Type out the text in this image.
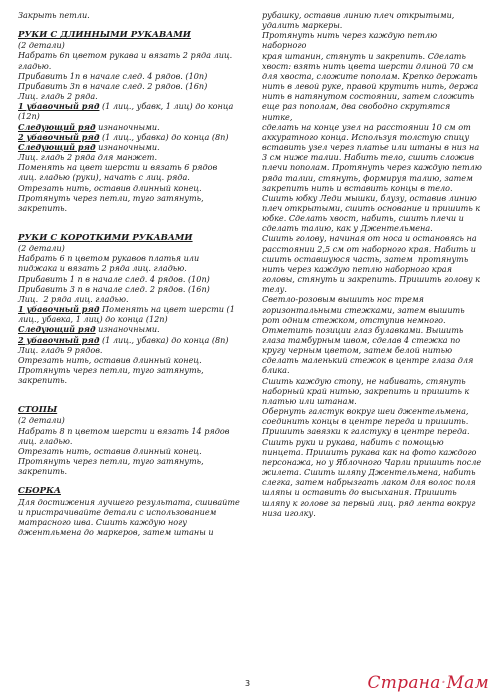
Закрыть петли.

РУКИ С ДЛИННЫМИ РУКАВАМИ

(2 детали)

Набрать 6п цветом рукава и вязать 2 ряда лиц.

гладью.

Прибавить 1п в начале след. 4 рядов. (10п)

Прибавить 3п в начале след. 2 рядов. (16п)

Лиц. гладь 2 ряда.

1 убавочный ряд (1 лиц., убавк, 1 лиц) до конца

(12п)

Следующий ряд изнаночными.

2 убавочный ряд (1 лиц., убавка) до конца (8п)

Следующий ряд изнаночными.

Лиц. гладь 2 ряда для манжет.

Поменять на цвет шерсти и вязать 6 рядов

лиц. гладью (руки), начать с лиц. ряда.

Отрезать нить, оставив длинный конец.

Протянуть через петли, туго затянуть,

закрепить.

РУКИ С КОРОТКИМИ РУКАВАМИ

(2 детали)

Набрать 6 п цветом рукавов платья или

пиджака и вязать 2 ряда лиц. гладью.

Прибавить 1 п в начале след. 4 рядов. (10п)

Прибавить 3 п в начале след. 2 рядов. (16п)

Лиц.  2 ряда лиц. гладью.

1 убавочный ряд Поменять на цвет шерсти (1

лиц., убавка, 1 лиц) до конца (12п)

Следующий ряд изнаночными.

2 убавочный ряд (1 лиц., убавка) до конца (8п)

Лиц. гладь 9 рядов.

Отрезать нить, оставив длинный конец.

Протянуть через петли, туго затянуть,

закрепить.

СТОПЫ

(2 детали)

Набрать 8 п цветом шерсти и вязать 14 рядов

лиц. гладью.

Отрезать нить, оставив длинный конец.

Протянуть через петли, туго затянуть,

закрепить.

СБОРКА

Для достижения лучшего результата, сшивайте

и пристрачивайте детали с использованием

матрасного шва. Сшить каждую ногу

джентльмена до маркеров, затем штаны и

рубашку, оставив линию плеч открытыми,

удалить маркеры.

Протянуть нить через каждую петлю наборного

края штанин, стянуть и закрепить. Сделать

хвост: взять нить цвета шерсти длиной 70 см

для хвоста, сложите пополам. Крепко держать

нить в левой руке, правой крутить нить, держа

нить в натянутом состоянии, затем сложить

еще раз пополам, два свободно скрутятся нитке,

сделать на конце узел на расстоянии 10 см от

аккуратного конца. Используя толстую спицу

вставить узел через платье или штаны в низ на

3 см ниже талии. Набить тело, сшить сложив

плечи пополам. Протянуть через каждую петлю

ряда талии, стянуть, формируя талию, затем

закрепить нить и вставить концы в тело.

Сшить юбку Леди мышки, блузу, оставив линию

плеч открытыми, сшить основание и пришить к

юбке. Сделать хвост, набить, сшить плечи и

сделать талию, как у Джентельмена.

Сшить голову, начиная от носа и остановясь на

расстоянии 2,5 см от наборного края. Набить и

сшить оставшуюся часть, затем  протянуть

нить через каждую петлю наборного края

головы, стянуть и закрепить. Пришить голову к

телу.

Светло-розовым вышить нос тремя

горизонтальными стежками, затем вышить

рот одним стежком, отступив немного.

Отметить позиции глаз булавками. Вышить

глаза тамбурным швом, сделав 4 стежка по

кругу черным цветом, затем белой нитью

сделать маленький стежок в центре глаза для

блика.

Сшить каждую стопу, не набивать, стянуть

наборный край нитью, закрепить и пришить к

платью или штанам.

Обернуть галстук вокруг шеи джентельмена,

соединить концы в центре переда и пришить.

Пришить завязки к галстуку в центре переда.

Сшить руки и рукава, набить с помощью

пинцета. Пришить рукава как на фото каждого

персонажа, но у Яблочного Чарли пришить после

жилета. Сшить шляпу Джентельмена, набить

слегка, затем набрызгать лаком для волос поля

шляпы и оставить до высыхания. Пришить

шляпу к голове за первый лиц. ряд лента вокруг

низа иголку.

3	Страна·Мам
